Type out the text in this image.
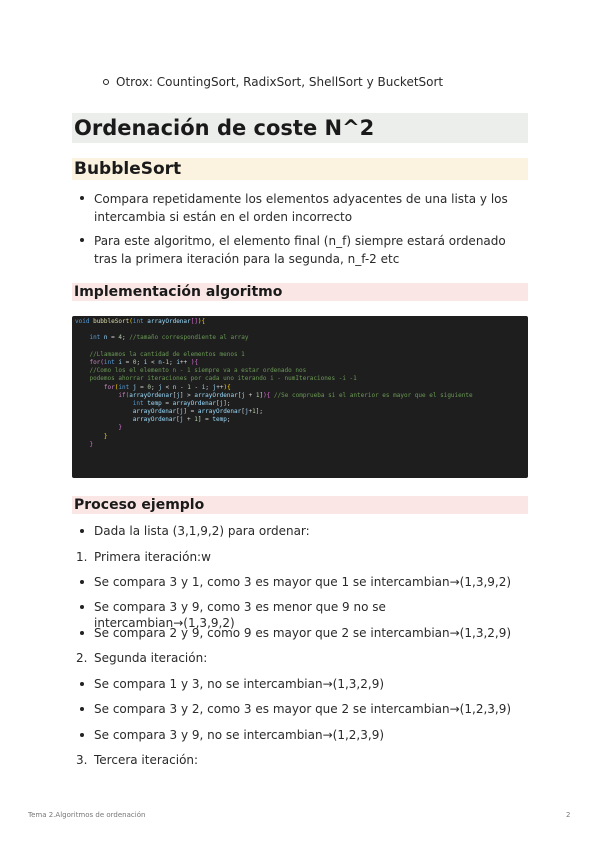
Otrox: CountingSort, RadixSort, ShellSort y BucketSort
Ordenación de coste N^2
BubbleSort
Compara repetidamente los elementos adyacentes de una lista y los intercambia si están en el orden incorrecto
Para este algoritmo, el elemento final (n_f) siempre estará ordenado tras la primera iteración para la segunda, n_f-2 etc
Implementación algoritmo
void bubbleSort(int arrayOrdenar[]){

int n = 4; //tamaño correspondiente al array

//Llamamos la cantidad de elementos menos 1
for(int i = 0; i < n-1; i++ ){
//Como los el elemento n - 1 siempre va a estar ordenado nos
podemos ahorrar iteraciones por cada uno iterando i - numIteraciones -i -1
for(int j = 0; j < n - 1 - i; j++){
if(arrayOrdenar[j] > arrayOrdenar[j + 1]){ //Se comprueba si el anterior es mayor que el siguiente
int temp = arrayOrdenar[j];
arrayOrdenar[j] = arrayOrdenar[j+1];
arrayOrdenar[j + 1] = temp;
}
}
}
Proceso ejemplo
Dada la lista (3,1,9,2) para ordenar:
1. Primera iteración:w
Se compara 3 y 1, como 3 es mayor que 1 se intercambian→(1,3,9,2)
Se compara 3 y 9, como 3 es menor que 9 no se intercambian→(1,3,9,2)
Se compara 2 y 9, como 9 es mayor que 2 se intercambian→(1,3,2,9)
2. Segunda iteración:
Se compara 1 y 3, no se intercambian→(1,3,2,9)
Se compara 3 y 2, como 3 es mayor que 2 se intercambian→(1,2,3,9)
Se compara 3 y 9, no se intercambian→(1,2,3,9)
3. Tercera iteración:
Tema 2.Algoritmos de ordenación	2
